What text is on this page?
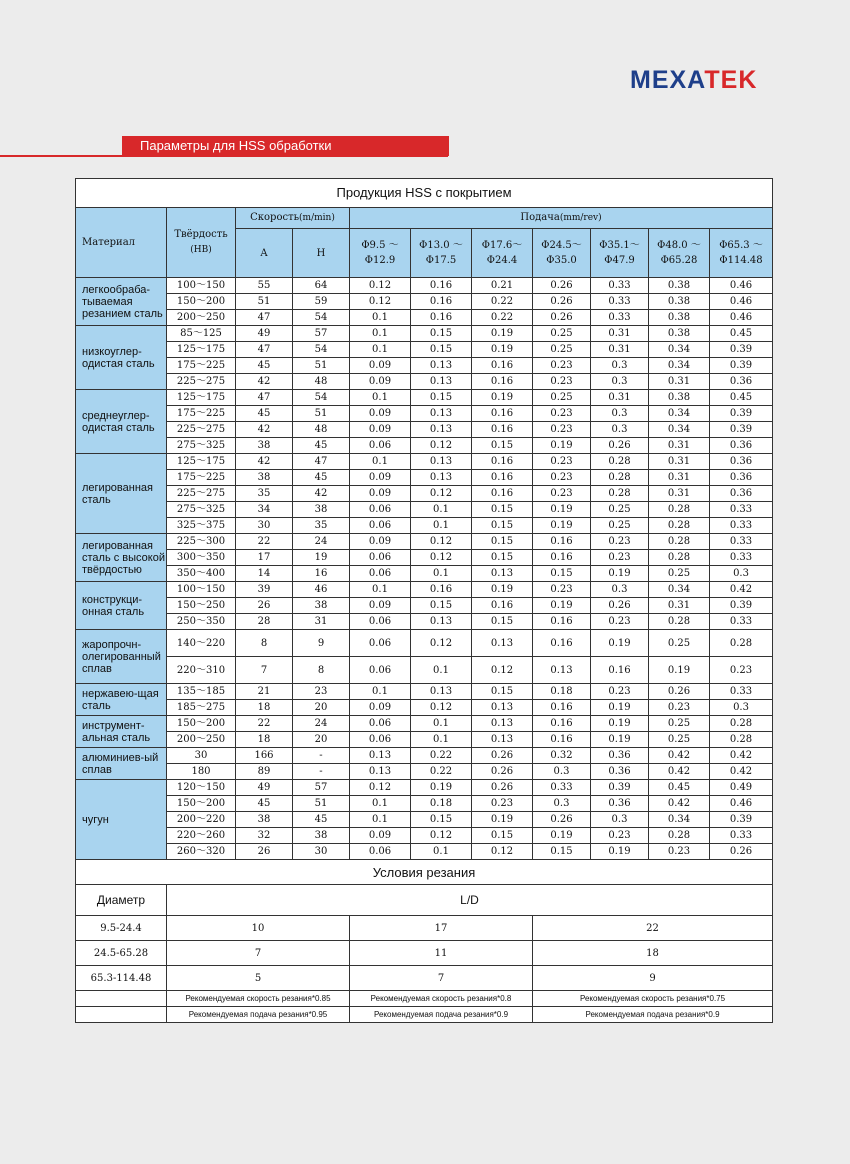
MEXATEK
Параметры для HSS обработки
Продукция HSS с покрытием										
Материал	Твёрдость
(HB)	Скорость(m/min)		Подача(mm/rev)						
		A	H	Φ9.5 ～ Φ12.9	Φ13.0 ～ Φ17.5	Φ17.6～ Φ24.4	Φ24.5～ Φ35.0	Φ35.1～ Φ47.9	Φ48.0 ～ Φ65.28	Φ65.3 ～ Φ114.48
легкообраба-тываемая резанием сталь	100～150	55	64	0.12	0.16	0.21	0.26	0.33	0.38	0.46
	150～200	51	59	0.12	0.16	0.22	0.26	0.33	0.38	0.46
	200～250	47	54	0.1	0.16	0.22	0.26	0.33	0.38	0.46
низкоуглер-одистая сталь	85～125	49	57	0.1	0.15	0.19	0.25	0.31	0.38	0.45
	125～175	47	54	0.1	0.15	0.19	0.25	0.31	0.34	0.39
	175～225	45	51	0.09	0.13	0.16	0.23	0.3	0.34	0.39
	225～275	42	48	0.09	0.13	0.16	0.23	0.3	0.31	0.36
среднеуглер-одистая сталь	125～175	47	54	0.1	0.15	0.19	0.25	0.31	0.38	0.45
	175～225	45	51	0.09	0.13	0.16	0.23	0.3	0.34	0.39
	225～275	42	48	0.09	0.13	0.16	0.23	0.3	0.34	0.39
	275～325	38	45	0.06	0.12	0.15	0.19	0.26	0.31	0.36
легированная сталь	125～175	42	47	0.1	0.13	0.16	0.23	0.28	0.31	0.36
	175～225	38	45	0.09	0.13	0.16	0.23	0.28	0.31	0.36
	225～275	35	42	0.09	0.12	0.16	0.23	0.28	0.31	0.36
	275～325	34	38	0.06	0.1	0.15	0.19	0.25	0.28	0.33
	325～375	30	35	0.06	0.1	0.15	0.19	0.25	0.28	0.33
легированная сталь с высокой твёрдостью	225～300	22	24	0.09	0.12	0.15	0.16	0.23	0.28	0.33
	300～350	17	19	0.06	0.12	0.15	0.16	0.23	0.28	0.33
	350～400	14	16	0.06	0.1	0.13	0.15	0.19	0.25	0.3
конструкци-онная сталь	100～150	39	46	0.1	0.16	0.19	0.23	0.3	0.34	0.42
	150～250	26	38	0.09	0.15	0.16	0.19	0.26	0.31	0.39
	250～350	28	31	0.06	0.13	0.15	0.16	0.23	0.28	0.33
жаропрочн-олегированный сплав	140～220	8	9	0.06	0.12	0.13	0.16	0.19	0.25	0.28
	220～310	7	8	0.06	0.1	0.12	0.13	0.16	0.19	0.23
нержавею-щая сталь	135～185	21	23	0.1	0.13	0.15	0.18	0.23	0.26	0.33
	185～275	18	20	0.09	0.12	0.13	0.16	0.19	0.23	0.3
инструмент-альная сталь	150～200	22	24	0.06	0.1	0.13	0.16	0.19	0.25	0.28
	200～250	18	20	0.06	0.1	0.13	0.16	0.19	0.25	0.28
алюминиев-ый сплав	30	166	-	0.13	0.22	0.26	0.32	0.36	0.42	0.42
	180	89	-	0.13	0.22	0.26	0.3	0.36	0.42	0.42
чугун	120～150	49	57	0.12	0.19	0.26	0.33	0.39	0.45	0.49
	150～200	45	51	0.1	0.18	0.23	0.3	0.36	0.42	0.46
	200～220	38	45	0.1	0.15	0.19	0.26	0.3	0.34	0.39
	220～260	32	38	0.09	0.12	0.15	0.19	0.23	0.28	0.33
	260～320	26	30	0.06	0.1	0.12	0.15	0.19	0.23	0.26
Условия резания										
Диаметр	L/D									
9.5-24.4	10			17			22			
24.5-65.28	7			11			18			
65.3-114.48	5			7			9			
	Рекомендуемая скорость резания*0.85			Рекомендуемая скорость резания*0.8			Рекомендуемая скорость резания*0.75			
	Рекомендуемая подача резания*0.95			Рекомендуемая подача резания*0.9			Рекомендуемая подача резания*0.9			
